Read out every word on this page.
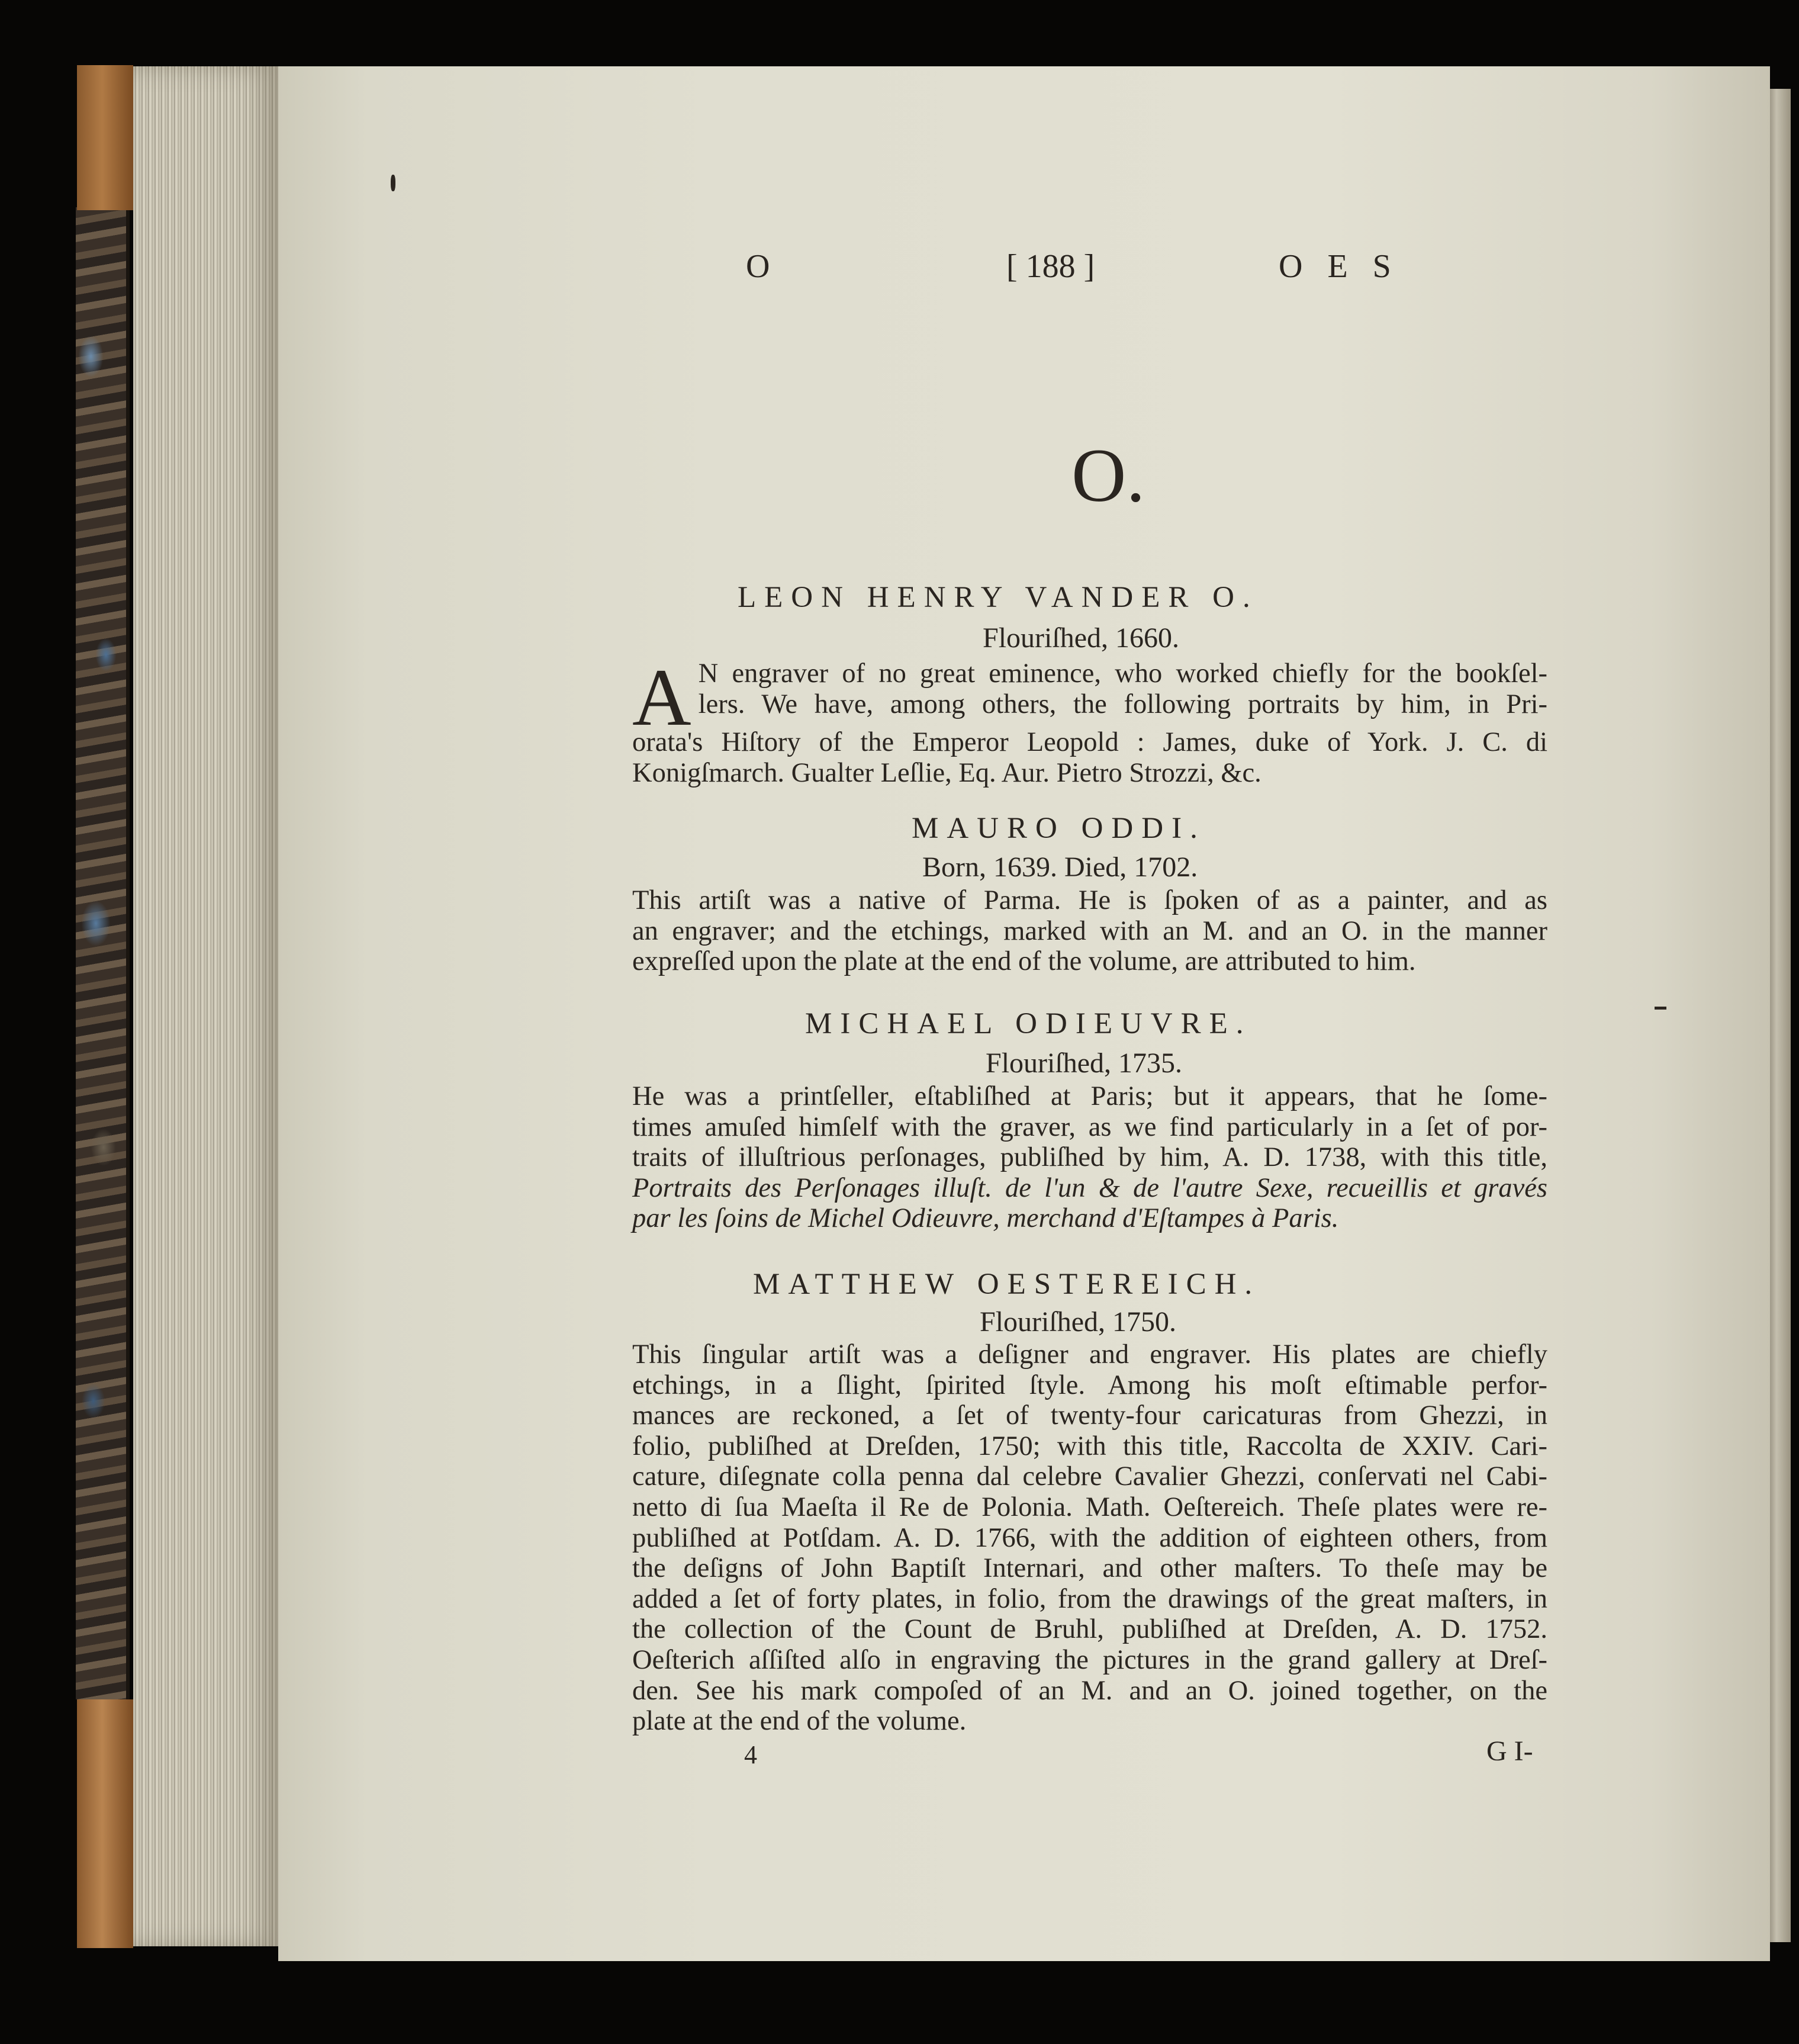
O	[ 188 ]	O E S
O.
LEON HENRY VANDER O.
Flouriſhed, 1660.
A N engraver of no great eminence, who worked chiefly for the bookſel-
lers. We have, among others, the following portraits by him, in Pri-
orata's Hiſtory of the Emperor Leopold : James, duke of York. J. C. di
Konigſmarch. Gualter Leſlie, Eq. Aur. Pietro Strozzi, &c.
MAURO ODDI.
Born, 1639. Died, 1702.
This artiſt was a native of Parma. He is ſpoken of as a painter, and as
an engraver; and the etchings, marked with an M. and an O. in the manner
expreſſed upon the plate at the end of the volume, are attributed to him.
MICHAEL ODIEUVRE.
Flouriſhed, 1735.
He was a printſeller, eſtabliſhed at Paris; but it appears, that he ſome-
times amuſed himſelf with the graver, as we find particularly in a ſet of por-
traits of illuſtrious perſonages, publiſhed by him, A. D. 1738, with this title,
Portraits des Perſonages illuſt. de l'un & de l'autre Sexe, recueillis et gravés
par les ſoins de Michel Odieuvre, merchand d'Eſtampes à Paris.
MATTHEW OESTEREICH.
Flouriſhed, 1750.
This ſingular artiſt was a deſigner and engraver. His plates are chiefly
etchings, in a ſlight, ſpirited ſtyle. Among his moſt eſtimable perfor-
mances are reckoned, a ſet of twenty-four caricaturas from Ghezzi, in
folio, publiſhed at Dreſden, 1750; with this title, Raccolta de XXIV. Cari-
cature, diſegnate colla penna dal celebre Cavalier Ghezzi, conſervati nel Cabi-
netto di ſua Maeſta il Re de Polonia. Math. Oeſtereich. Theſe plates were re-
publiſhed at Potſdam. A. D. 1766, with the addition of eighteen others, from
the deſigns of John Baptiſt Internari, and other maſters. To theſe may be
added a ſet of forty plates, in folio, from the drawings of the great maſters, in
the collection of the Count de Bruhl, publiſhed at Dreſden, A. D. 1752.
Oeſterich aſſiſted alſo in engraving the pictures in the grand gallery at Dreſ-
den. See his mark compoſed of an M. and an O. joined together, on the
plate at the end of the volume.
4	G I-
